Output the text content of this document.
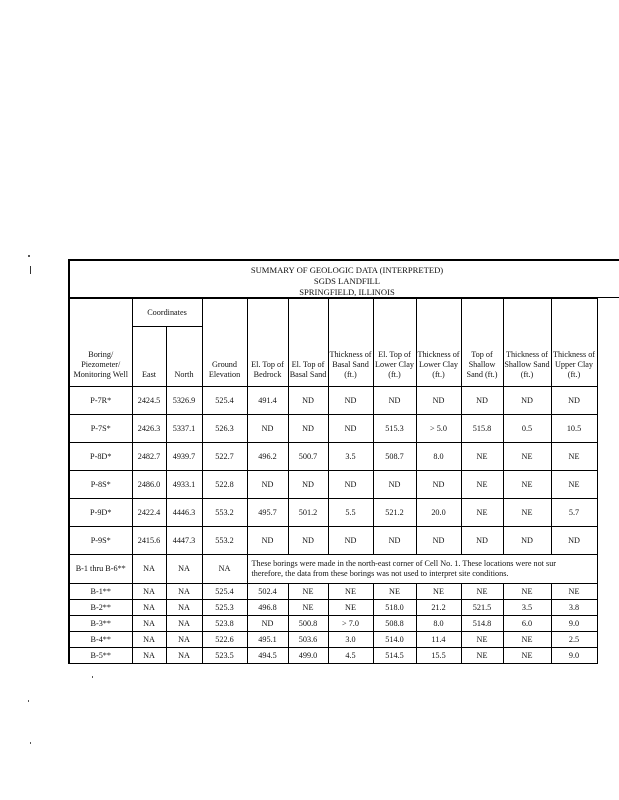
SUMMARY OF GEOLOGIC DATA (INTERPRETED)
SGDS LANDFILL
SPRINGFIELD, ILLINOIS
Boring/ Piezometer/ Monitoring Well	Coordinates		Ground Elevation	El. Top of Bedrock	El. Top of Basal Sand	Thickness of Basal Sand (ft.)	El. Top of Lower Clay (ft.)	Thickness of Lower Clay (ft.)	Top of Shallow Sand (ft.)	Thickness of Shallow Sand (ft.)	Thickness of Upper Clay (ft.)
	East	North									
P-7R*	2424.5	5326.9	525.4	491.4	ND	ND	ND	ND	ND	ND	ND
P-7S*	2426.3	5337.1	526.3	ND	ND	ND	515.3	> 5.0	515.8	0.5	10.5
P-8D*	2482.7	4939.7	522.7	496.2	500.7	3.5	508.7	8.0	NE	NE	NE
P-8S*	2486.0	4933.1	522.8	ND	ND	ND	ND	ND	NE	NE	NE
P-9D*	2422.4	4446.3	553.2	495.7	501.2	5.5	521.2	20.0	NE	NE	5.7
P-9S*	2415.6	4447.3	553.2	ND	ND	ND	ND	ND	ND	ND	ND
B-1 thru B-6**	NA	NA	NA	These borings were made in the north-east corner of Cell No. 1. These locations were not sur
therefore, the data from these borings was not used to interpret site conditions.							

B-1**	NA	NA	525.4	502.4	NE	NE	NE	NE	NE	NE	NE
B-2**	NA	NA	525.3	496.8	NE	NE	518.0	21.2	521.5	3.5	3.8
B-3**	NA	NA	523.8	ND	500.8	> 7.0	508.8	8.0	514.8	6.0	9.0
B-4**	NA	NA	522.6	495.1	503.6	3.0	514.0	11.4	NE	NE	2.5
B-5**	NA	NA	523.5	494.5	499.0	4.5	514.5	15.5	NE	NE	9.0
